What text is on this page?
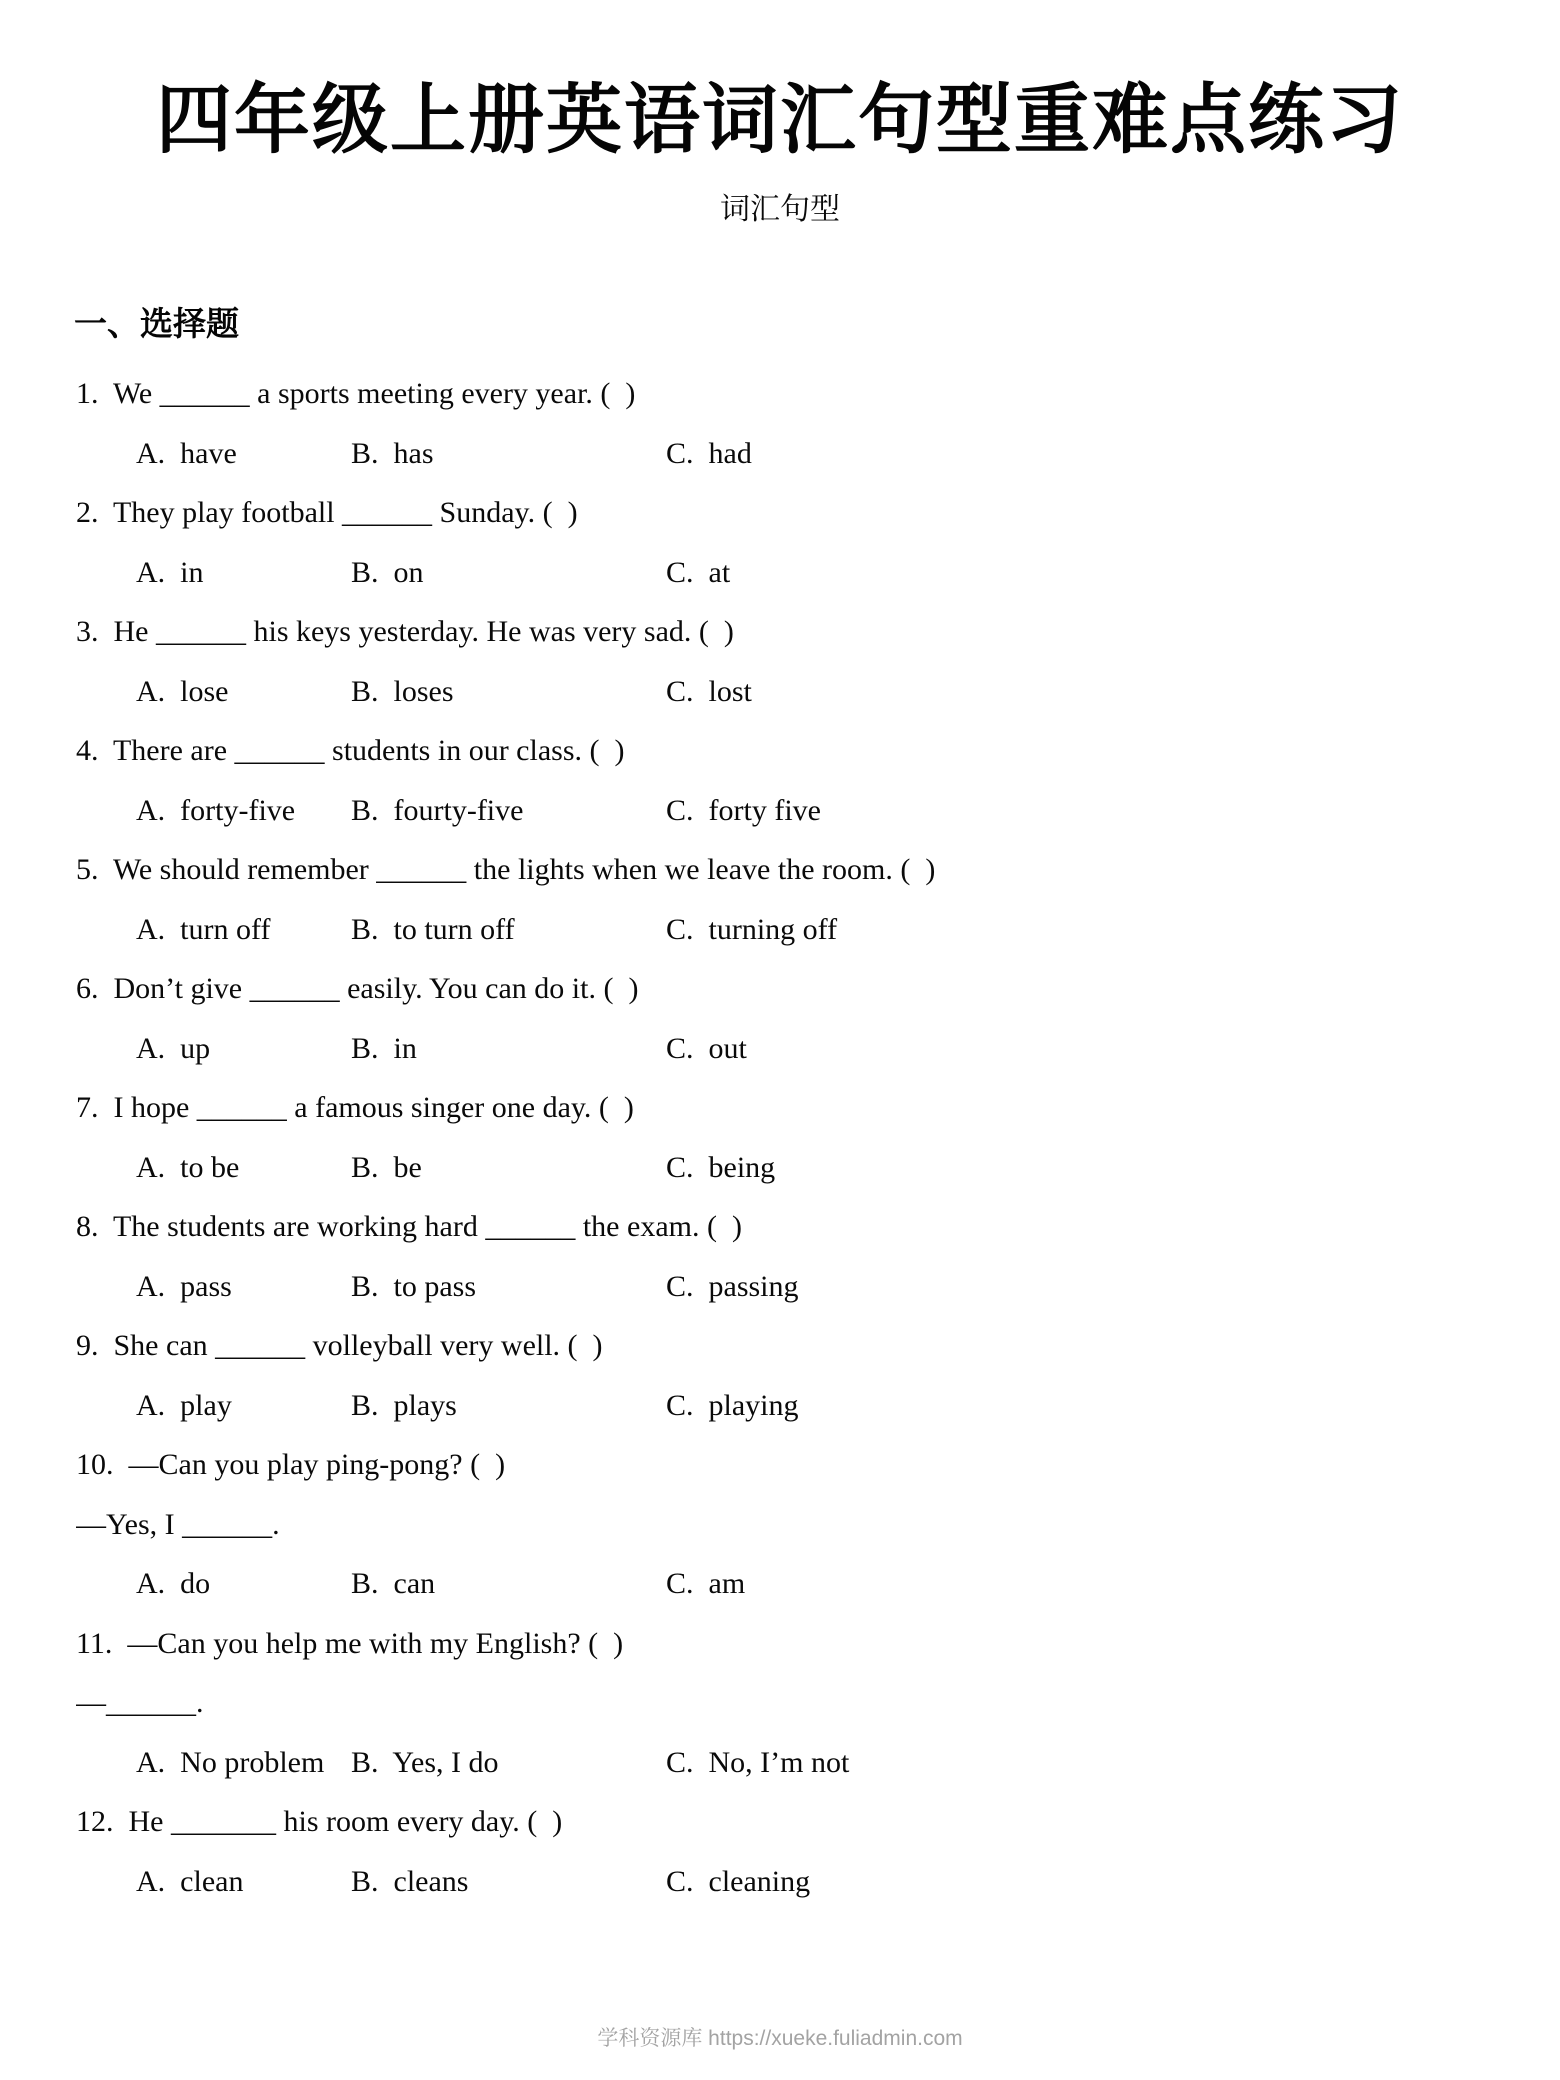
四年级上册英语词汇句型重难点练习
词汇句型
一、选择题
1.  We ______ a sports meeting every year. (  )
A.  have	B.  has	C.  had
2.  They play football ______ Sunday. (  )
A.  in	B.  on	C.  at
3.  He ______ his keys yesterday. He was very sad. (  )
A.  lose	B.  loses	C.  lost
4.  There are ______ students in our class. (  )
A.  forty-five	B.  fourty-five	C.  forty five
5.  We should remember ______ the lights when we leave the room. (  )
A.  turn off	B.  to turn off	C.  turning off
6.  Don’t give ______ easily. You can do it. (  )
A.  up	B.  in	C.  out
7.  I hope ______ a famous singer one day. (  )
A.  to be	B.  be	C.  being
8.  The students are working hard ______ the exam. (  )
A.  pass	B.  to pass	C.  passing
9.  She can ______ volleyball very well. (  )
A.  play	B.  plays	C.  playing
10.  —Can you play ping-pong? (  )
—Yes, I ______.
A.  do	B.  can	C.  am
11.  —Can you help me with my English? (  )
—______.
A.  No problem B.  Yes, I do	C.  No, I’m not
12.  He _______ his room every day. (  )
A.  clean	B.  cleans	C.  cleaning
学科资源库 https://xueke.fuliadmin.com
